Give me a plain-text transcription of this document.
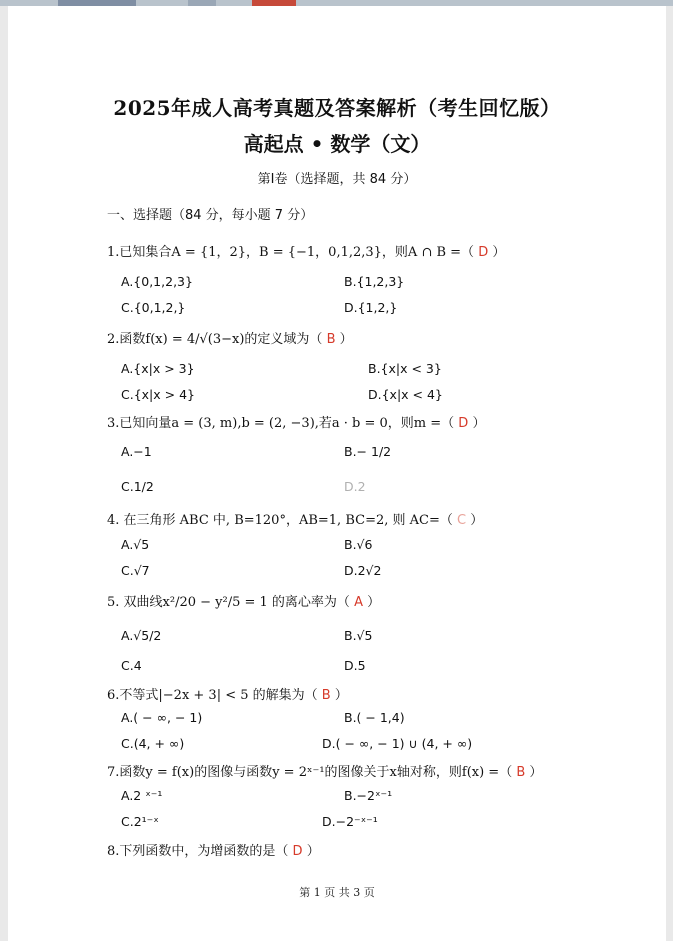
2025年成人高考真题及答案解析（考生回忆版）
高起点 • 数学（文）
第Ⅰ卷（选择题，共 84 分）
一、选择题（84 分，每小题 7 分）
1.已知集合A = {1，2}，B = {−1，0,1,2,3}，则A ∩ B =（ D ）
A.{0,1,2,3}	B.{1,2,3}
C.{0,1,2,}	D.{1,2,}
2.函数f(x) = 4/√(3−x)的定义域为（ B ）
A.{x|x > 3}	B.{x|x < 3}
C.{x|x > 4}	D.{x|x < 4}
3.已知向量a = (3, m),b = (2, −3),若a · b = 0，则m =（ D ）
A.−1	B.− 1/2
C.1/2	D.2
4. 在三角形 ABC 中, B=120°，AB=1, BC=2, 则 AC=（ C ）
A.√5	B.√6
C.√7	D.2√2
5. 双曲线x²/20 − y²/5 = 1 的离心率为（ A ）
A.√5/2	B.√5
C.4	D.5
6.不等式|−2x + 3| < 5 的解集为（ B ）
A.( − ∞, − 1)	B.( − 1,4)
C.(4, + ∞)	D.( − ∞, − 1) ∪ (4, + ∞)
7.函数y = f(x)的图像与函数y = 2ˣ⁻¹的图像关于x轴对称，则f(x) =（ B ）
A.2 ˣ⁻¹	B.−2ˣ⁻¹
C.2¹⁻ˣ	D.−2⁻ˣ⁻¹
8.下列函数中，为增函数的是（ D ）
第 1 页 共 3 页
